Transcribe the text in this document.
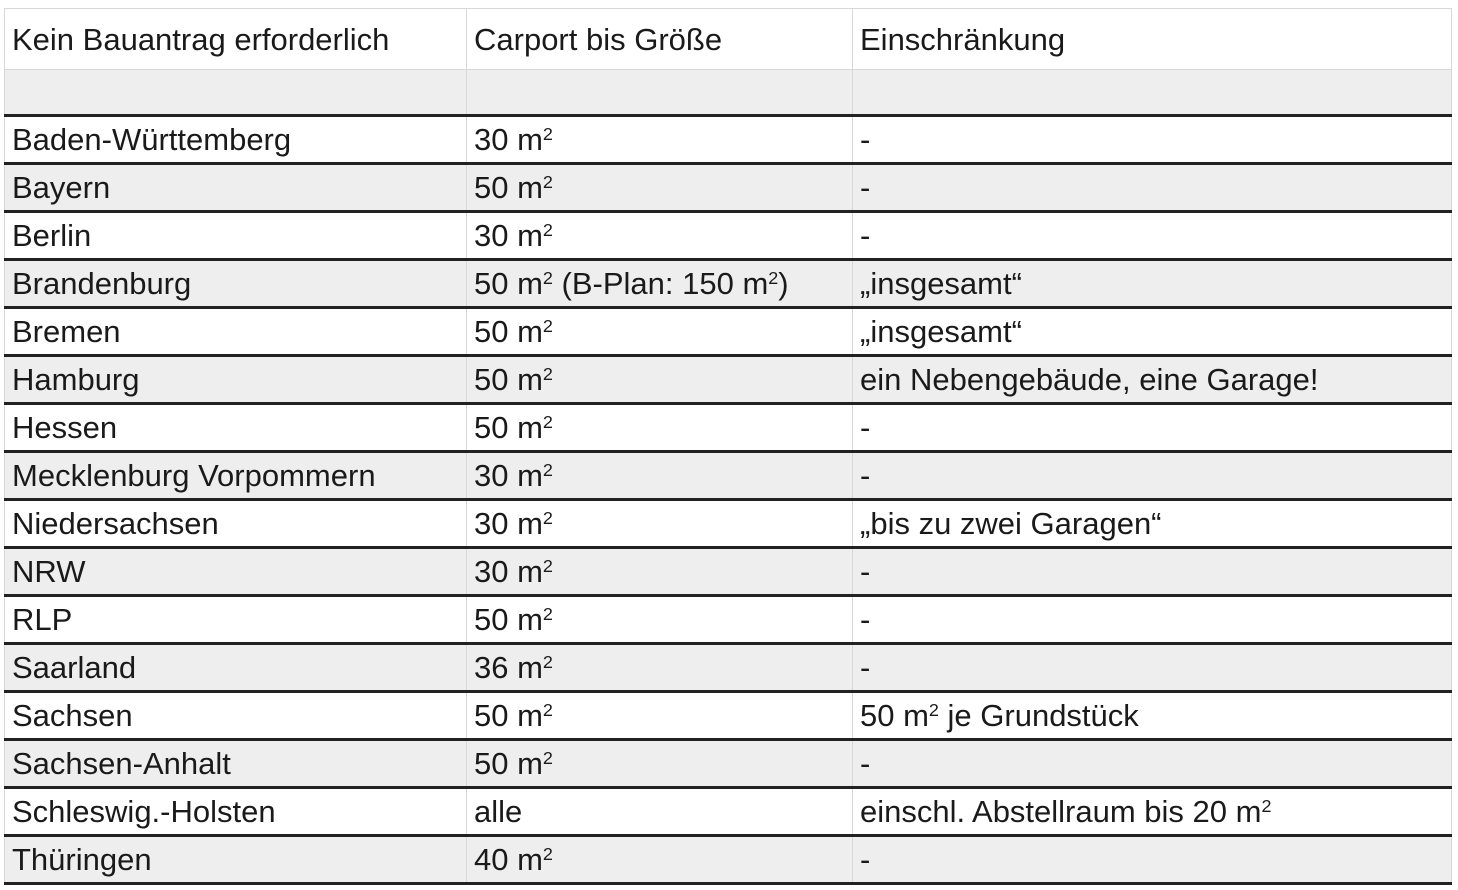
Kein Bauantrag erforderlich	Carport bis Größe	Einschränkung

Baden-Württemberg	30 $m^2$	-
Bayern	50 $m^2$	-
Berlin	30 $m^2$	-
Brandenburg	50 $m^2$ (B-Plan: 150 $m^2$)	„insgesamt“
Bremen	50 $m^2$	„insgesamt“
Hamburg	50 $m^2$	ein Nebengebäude, eine Garage!
Hessen	50 $m^2$	-
Mecklenburg Vorpommern	30 $m^2$	-
Niedersachsen	30 $m^2$	„bis zu zwei Garagen“
NRW	30 $m^2$	-
RLP	50 $m^2$	-
Saarland	36 $m^2$	-
Sachsen	50 $m^2$	50 $m^2$ je Grundstück
Sachsen-Anhalt	50 $m^2$	-
Schleswig.-Holsten	alle	einschl. Abstellraum bis 20 $m^2$
Thüringen	40 $m^2$	-
